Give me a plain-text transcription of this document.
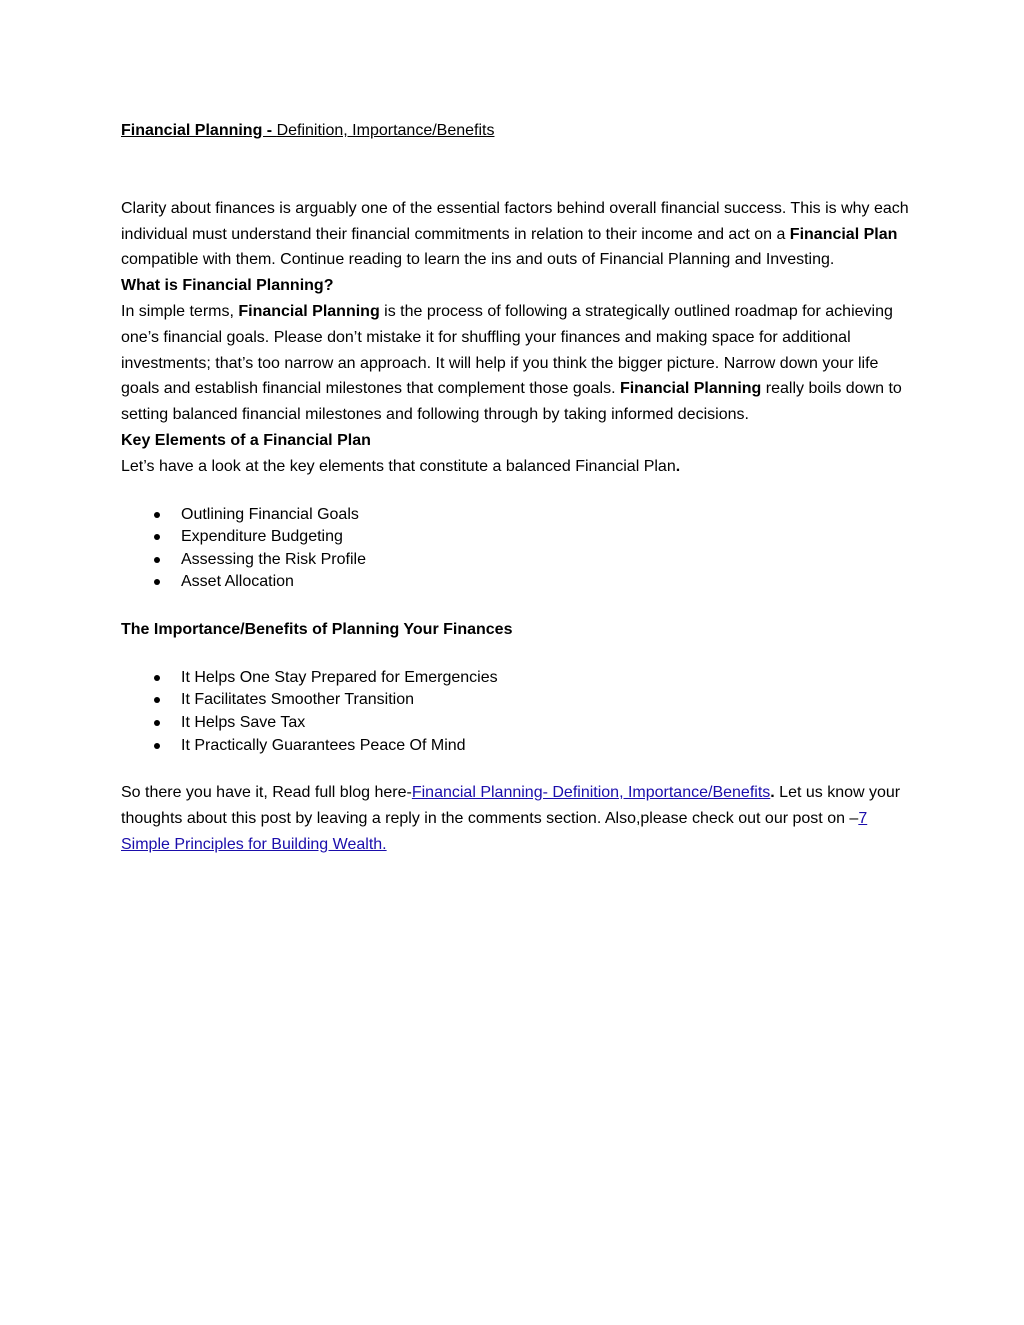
Financial Planning - Definition, Importance/Benefits

Clarity about finances is arguably one of the essential factors behind overall financial success. This is why each individual must understand their financial commitments in relation to their income and act on a Financial Plan compatible with them. Continue reading to learn the ins and outs of Financial Planning and Investing.

What is Financial Planning?

In simple terms, Financial Planning is the process of following a strategically outlined roadmap for achieving one’s financial goals. Please don’t mistake it for shuffling your finances and making space for additional investments; that’s too narrow an approach. It will help if you think the bigger picture. Narrow down your life goals and establish financial milestones that complement those goals. Financial Planning really boils down to setting balanced financial milestones and following through by taking informed decisions.

Key Elements of a Financial Plan

Let’s have a look at the key elements that constitute a balanced Financial Plan.

Outlining Financial Goals
Expenditure Budgeting
Assessing the Risk Profile
Asset Allocation

The Importance/Benefits of Planning Your Finances

It Helps One Stay Prepared for Emergencies
It Facilitates Smoother Transition
It Helps Save Tax
It Practically Guarantees Peace Of Mind

So there you have it, Read full blog here-Financial Planning- Definition, Importance/Benefits. Let us know your thoughts about this post by leaving a reply in the comments section. Also,please check out our post on –7 Simple Principles for Building Wealth.
